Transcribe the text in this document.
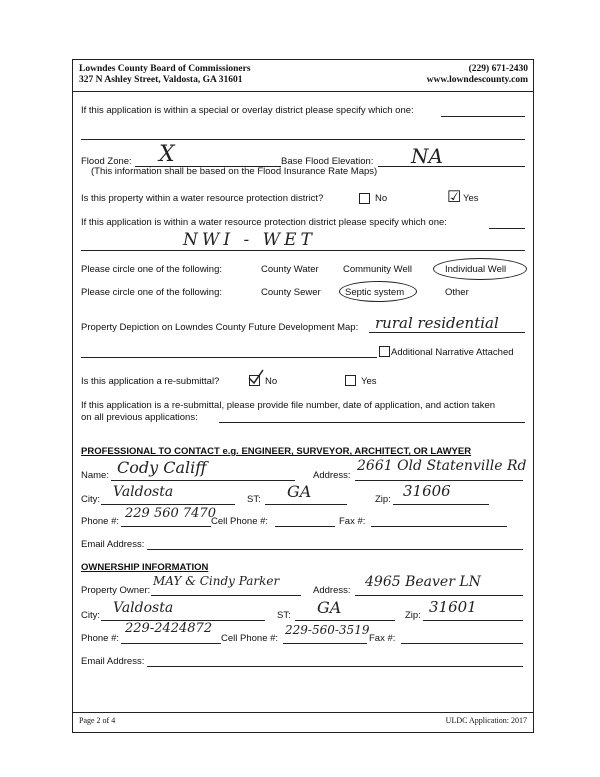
Lowndes County Board of Commissioners
327 N Ashley Street, Valdosta, GA 31601
(229) 671-2430
www.lowndescounty.com
If this application is within a special or overlay district please specify which one:
Flood Zone: X	Base Flood Elevation: NA
(This information shall be based on the Flood Insurance Rate Maps)
Is this property within a water resource protection district?	No	☑ Yes
If this application is within a water resource protection district please specify which one:
NWI - WET
Please circle one of the following:	County Water	Community Well	Individual Well
Please circle one of the following:	County Sewer	Septic system	Other
Property Depiction on Lowndes County Future Development Map: rural residential
Additional Narrative Attached
Is this application a re-submittal?	No	Yes
If this application is a re-submittal, please provide file number, date of application, and action taken
on all previous applications:
PROFESSIONAL TO CONTACT e.g. ENGINEER, SURVEYOR, ARCHITECT, OR LAWYER
Name: Cody Califf	Address:
2661 Old Statenville Rd
City: Valdosta	ST: GA	Zip: 31606
Phone #:
229 560 7470
Cell Phone #:	Fax #:
Email Address:
OWNERSHIP INFORMATION
Property Owner:
MAY & Cindy Parker
Address:
4965 Beaver LN
City: Valdosta	ST: GA	Zip: 31601
Phone #:
229-2424872
Cell Phone #:
229-560-3519
Fax #:
Email Address:
Page 2 of 4	ULDC Application: 2017
